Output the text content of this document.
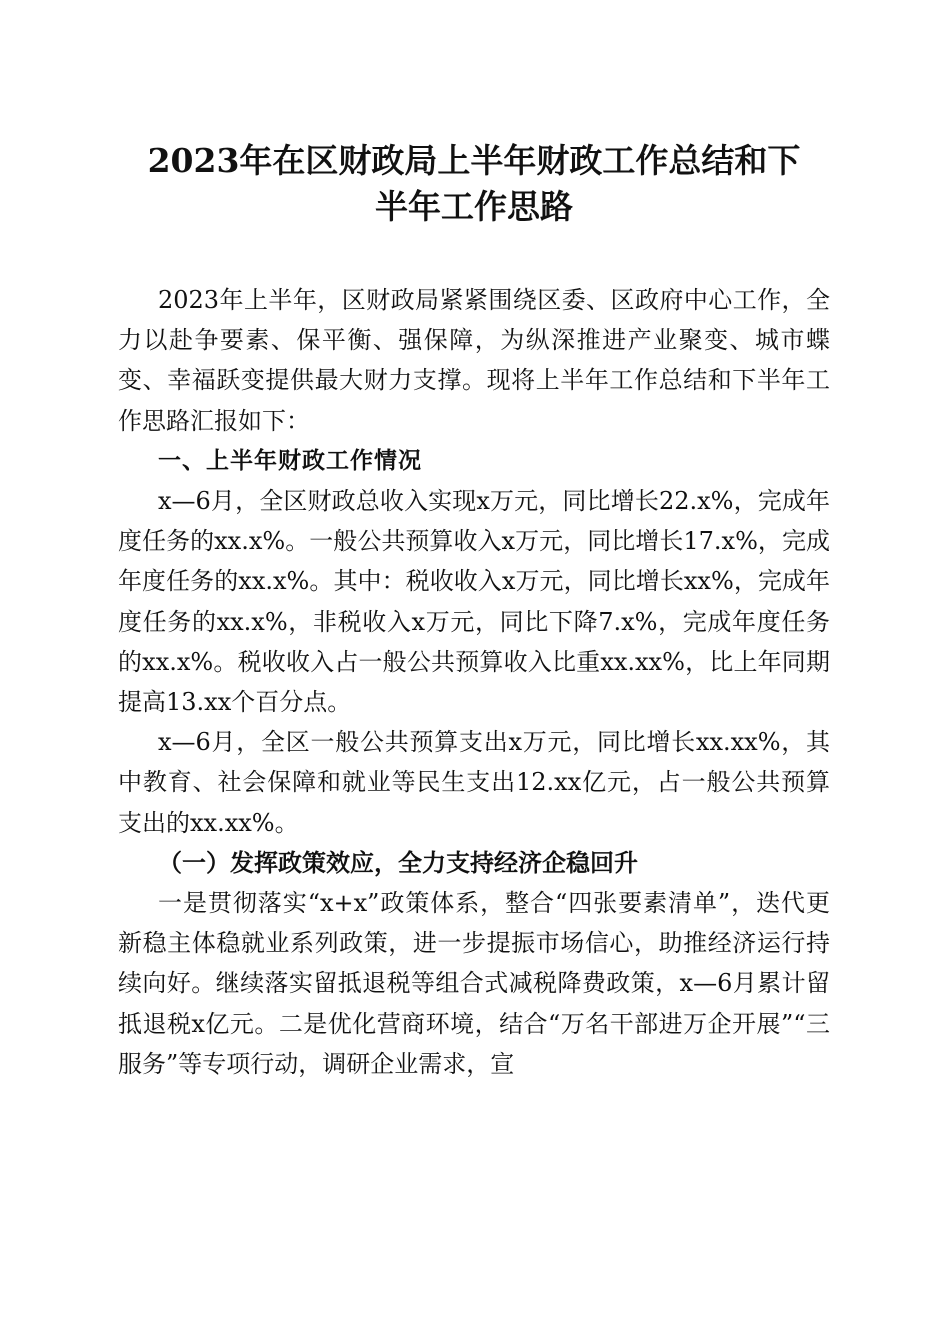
2023年在区财政局上半年财政工作总结和下
半年工作思路

2023年上半年，区财政局紧紧围绕区委、区政府中心工作，全力以赴争要素、保平衡、强保障，为纵深推进产业聚变、城市蝶变、幸福跃变提供最大财力支撑。现将上半年工作总结和下半年工作思路汇报如下：

一、上半年财政工作情况

x—6月，全区财政总收入实现x万元，同比增长22.x%，完成年度任务的xx.x%。一般公共预算收入x万元，同比增长17.x%，完成年度任务的xx.x%。其中：税收收入x万元，同比增长xx%，完成年度任务的xx.x%，非税收入x万元，同比下降7.x%，完成年度任务的xx.x%。税收收入占一般公共预算收入比重xx.xx%，比上年同期提高13.xx个百分点。

x—6月，全区一般公共预算支出x万元，同比增长xx.xx%，其中教育、社会保障和就业等民生支出12.xx亿元，占一般公共预算支出的xx.xx%。

（一）发挥政策效应，全力支持经济企稳回升

一是贯彻落实“x+x”政策体系，整合“四张要素清单”，迭代更新稳主体稳就业系列政策，进一步提振市场信心，助推经济运行持续向好。继续落实留抵退税等组合式减税降费政策，x—6月累计留抵退税x亿元。二是优化营商环境，结合“万名干部进万企开展”“三服务”等专项行动，调研企业需求，宣
